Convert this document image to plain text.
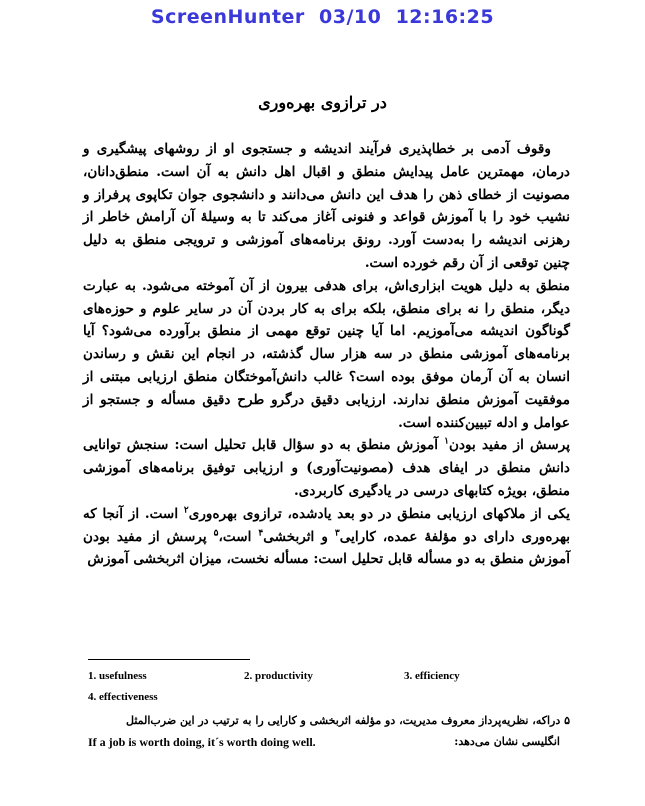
ScreenHunter  03/10  12:16:25
در ترازوی بهره‌وری

وقوف آدمی بر خطاپذیری فرآیند اندیشه و جستجوی او از روشهای پیشگیری و درمان، مهمترین عامل پیدایش منطق و اقبال اهل دانش به آن است. منطق‌دانان، مصونیت از خطای ذهن را هدف این دانش می‌دانند و دانشجوی جوان تکاپوی پرفراز و نشیب خود را با آموزش قواعد و فنونی آغاز می‌کند تا به وسیلهٔ آن آرامش خاطر از رهزنی اندیشه را به‌دست آورد. رونق برنامه‌های آموزشی و ترویجی منطق به دلیل چنین توقعی از آن رقم خورده است.

منطق به دلیل هویت ابزاری‌اش، برای هدفی بیرون از آن آموخته می‌شود. به عبارت دیگر، منطق را نه برای منطق، بلکه برای به کار بردن آن در سایر علوم و حوزه‌های گوناگون اندیشه می‌آموزیم. اما آیا چنین توقع مهمی از منطق برآورده می‌شود؟ آیا برنامه‌های آموزشی منطق در سه هزار سال گذشته، در انجام این نقش و رساندن انسان به آن آرمان موفق بوده است؟ غالب دانش‌آموختگان منطق ارزیابی مبتنی از موفقیت آموزش منطق ندارند. ارزیابی دقیق درگرو طرح دقیق مسأله و جستجو از عوامل و ادله تبیین‌کننده است.

پرسش از مفید بودن$^۱$ آموزش منطق به دو سؤال قابل تحلیل است: سنجش توانایی دانش منطق در ایفای هدف (مصونیت‌آوری) و ارزیابی توفیق برنامه‌های آموزشی منطق، بویژه کتابهای درسی در یادگیری کاربردی.

یکی از ملاکهای ارزیابی منطق در دو بعد یادشده، ترازوی بهره‌وری$^۲$ است. از آنجا که بهره‌وری دارای دو مؤلفهٔ عمده، کارایی$^۳$ و اثربخشی$^۴$ است،$^۵$ پرسش از مفید بودن آموزش منطق به دو مسأله قابل تحلیل است: مسأله نخست، میزان اثربخشی آموزش

1. usefulness	2. productivity	3. efficiency
4. effectiveness
۵ دراکه، نظریه‌پرداز معروف مدیریت، دو مؤلفه اثربخشی و کارایی را به ترتیب در این ضرب‌المثل
If a job is worth doing, it´s worth doing well.	انگلیسی نشان می‌دهد:
